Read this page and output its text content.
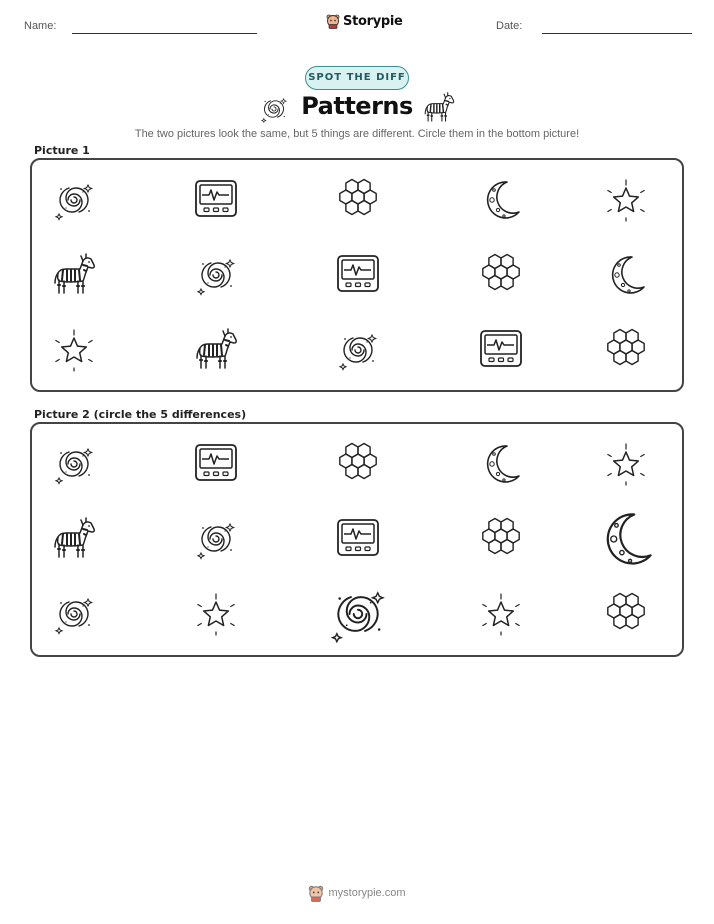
Name:	Storypie	Date:
SPOT THE DIFF
Patterns
The two pictures look the same, but 5 things are different. Circle them in the bottom picture!
Picture 1
Picture 2 (circle the 5 differences)
mystorypie.com
